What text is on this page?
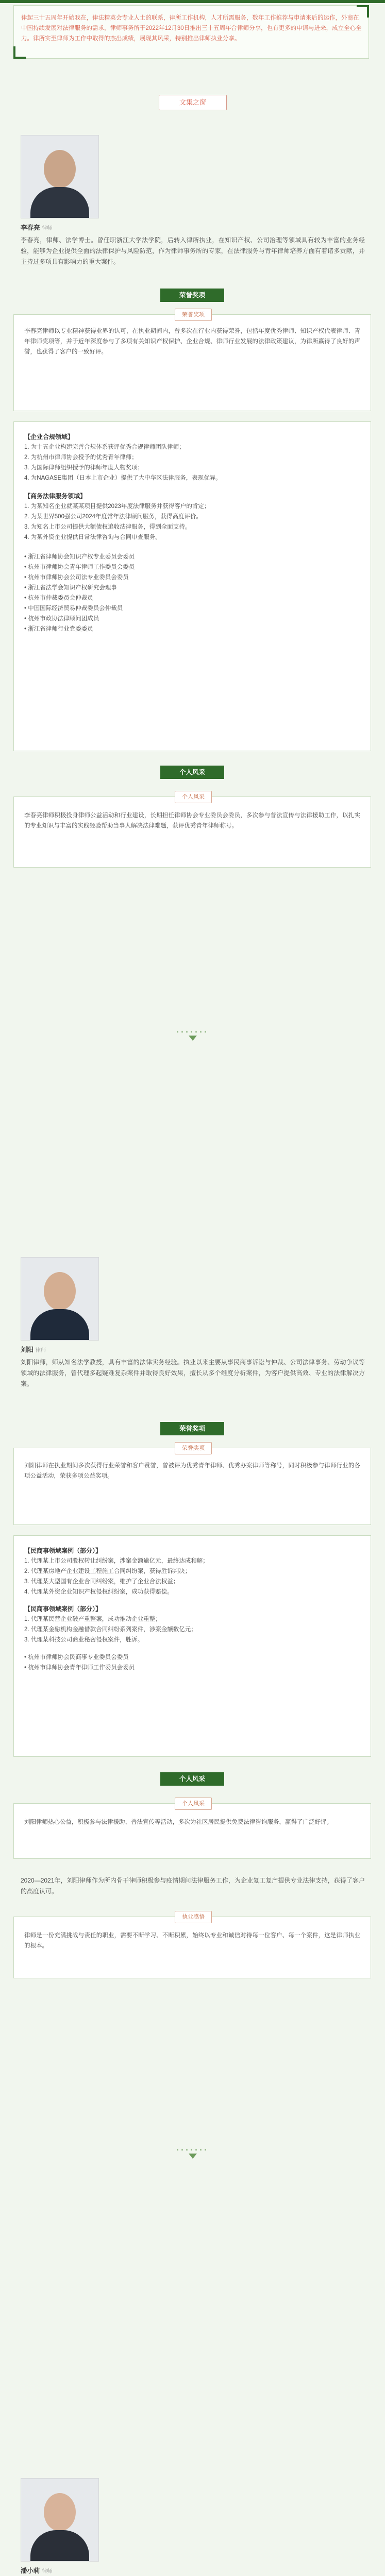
律起三十五周年开始我在，律法精英会专业人士的联系，律所工作机构，人才所需服务，数年工作推荐与申请来后的运作，外商在中国持续发展对法律服务的需求，律师事务所于2022年12月30日推出三十五周年合律师分享，也有更多的申请与进来，成立全心全力。律所实至律师为工作中取得的杰出成绩，展现其风采，特别推出律师执业分享。
文集之窗
李春亮 律师

李春亮，律师、法学博士。曾任职浙江大学法学院，后转入律所执业，在知识产权、公司治理等领域具有较为丰富的业务经验，能够为企业提供全面的法律保护与风险防范，作为律师事务所的专家，在法律服务与青年律师培养方面有着诸多贡献，并主持过多项具有影响力的重大案件。

荣誉奖项
荣誉奖项

李春亮律师以专业精神获得业界的认可，在执业期间内，曾多次在行业内获得荣誉，包括年度优秀律师、知识产权代表律师、青年律师奖项等，并于近年深度参与了多项有关知识产权保护、企业合规、律师行业发展的法律政策建议，为律所赢得了良好的声誉，也获得了客户的一致好评。

【企业合规领域】
1. 为十五企业构建完善合规体系获评优秀合规律师团队律师；
2. 为杭州市律师协会授予的优秀青年律师；
3. 为国际律师组织授予的律师年度人物奖项；
4. 为NAGASE集团（日本上市企业）提供了大中华区法律服务，表现优异。
【商务法律服务领域】
1. 为某知名企业就某某项目提供2023年度法律服务并获得客户的肯定；
2. 为某世界500强公司2024年度常年法律顾问服务，获得高度评价。
3. 为知名上市公司提供大额债权追收法律服务，得到全面支持。
4. 为某外资企业提供日常法律咨询与合同审查服务。
• 浙江省律师协会知识产权专业委员会委员
• 杭州市律师协会青年律师工作委员会委员
• 杭州市律师协会公司法专业委员会委员
• 浙江省法学会知识产权研究会理事
• 杭州市仲裁委员会仲裁员
• 中国国际经济贸易仲裁委员会仲裁员
• 杭州市政协法律顾问团成员
• 浙江省律师行业党委委员
个人风采
个人风采

李春亮律师积极投身律师公益活动和行业建设，长期担任律师协会专业委员会委员，多次参与普法宣传与法律援助工作，以扎实的专业知识与丰富的实践经验帮助当事人解决法律难题，获评优秀青年律师称号。

刘阳 律师

刘阳律师，师从知名法学教授，具有丰富的法律实务经验。执业以来主要从事民商事诉讼与仲裁、公司法律事务、劳动争议等领域的法律服务，曾代理多起疑难复杂案件并取得良好效果，擅长从多个维度分析案件，为客户提供高效、专业的法律解决方案。

荣誉奖项
荣誉奖项

刘阳律师在执业期间多次获得行业荣誉和客户赞誉，曾被评为优秀青年律师、优秀办案律师等称号，同时积极参与律师行业的各项公益活动，荣获多项公益奖项。

【民商事领域案例（部分）】
1. 代理某上市公司股权转让纠纷案，涉案金额逾亿元，最终达成和解；
2. 代理某房地产企业建设工程施工合同纠纷案，获得胜诉判决；
3. 代理某大型国有企业合同纠纷案，维护了企业合法权益；
4. 代理某外资企业知识产权侵权纠纷案，成功获得赔偿。
【民商事领域案例（部分）】
1. 代理某民营企业破产重整案，成功推动企业重整；
2. 代理某金融机构金融借款合同纠纷系列案件，涉案金额数亿元；
3. 代理某科技公司商业秘密侵权案件，胜诉。
• 杭州市律师协会民商事专业委员会委员
• 杭州市律师协会青年律师工作委员会委员
个人风采
个人风采

刘阳律师热心公益，积极参与法律援助、普法宣传等活动，多次为社区居民提供免费法律咨询服务，赢得了广泛好评。

2020—2021年，刘阳律师作为所内骨干律师积极参与疫情期间法律服务工作，为企业复工复产提供专业法律支持，获得了客户的高度认可。

执业感悟

律师是一份充满挑战与责任的职业，需要不断学习、不断积累，始终以专业和诚信对待每一位客户、每一个案件，这是律师执业的根本。

潘小莉 律师
